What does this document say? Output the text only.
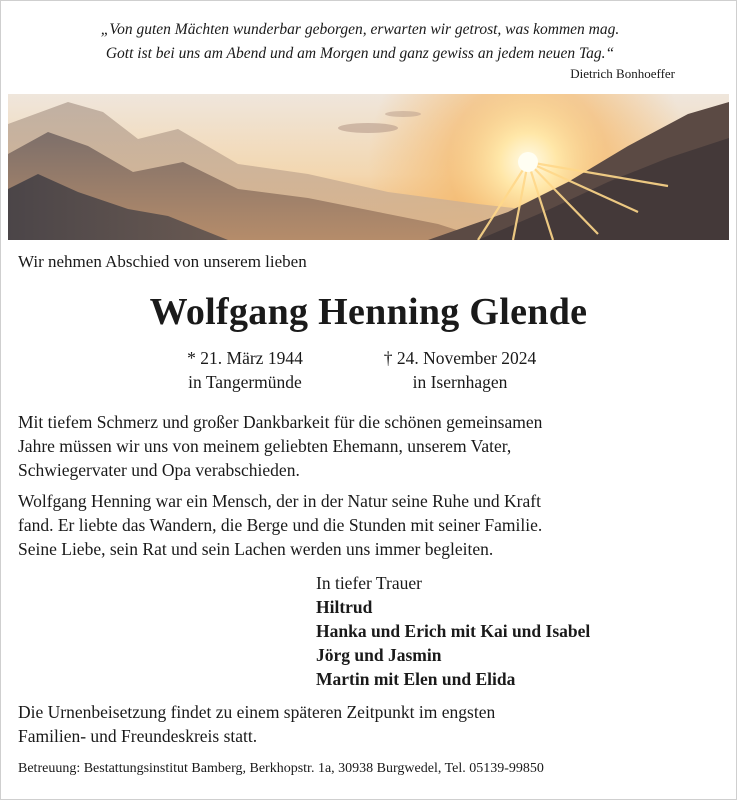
„Von guten Mächten wunderbar geborgen, erwarten wir getrost, was kommen mag.
Gott ist bei uns am Abend und am Morgen und ganz gewiss an jedem neuen Tag.“
Dietrich Bonhoeffer
Wir nehmen Abschied von unserem lieben
Wolfgang Henning Glende
* 21. März 1944
in Tangermünde
† 24. November 2024
in Isernhagen
Mit tiefem Schmerz und großer Dankbarkeit für die schönen gemeinsamen
Jahre müssen wir uns von meinem geliebten Ehemann, unserem Vater,
Schwiegervater und Opa verabschieden.
Wolfgang Henning war ein Mensch, der in der Natur seine Ruhe und Kraft
fand. Er liebte das Wandern, die Berge und die Stunden mit seiner Familie.
Seine Liebe, sein Rat und sein Lachen werden uns immer begleiten.
In tiefer Trauer
Hiltrud
Hanka und Erich mit Kai und Isabel
Jörg und Jasmin
Martin mit Elen und Elida
Die Urnenbeisetzung findet zu einem späteren Zeitpunkt im engsten
Familien- und Freundeskreis statt.
Betreuung: Bestattungsinstitut Bamberg, Berkhopstr. 1a, 30938 Burgwedel, Tel. 05139-99850
